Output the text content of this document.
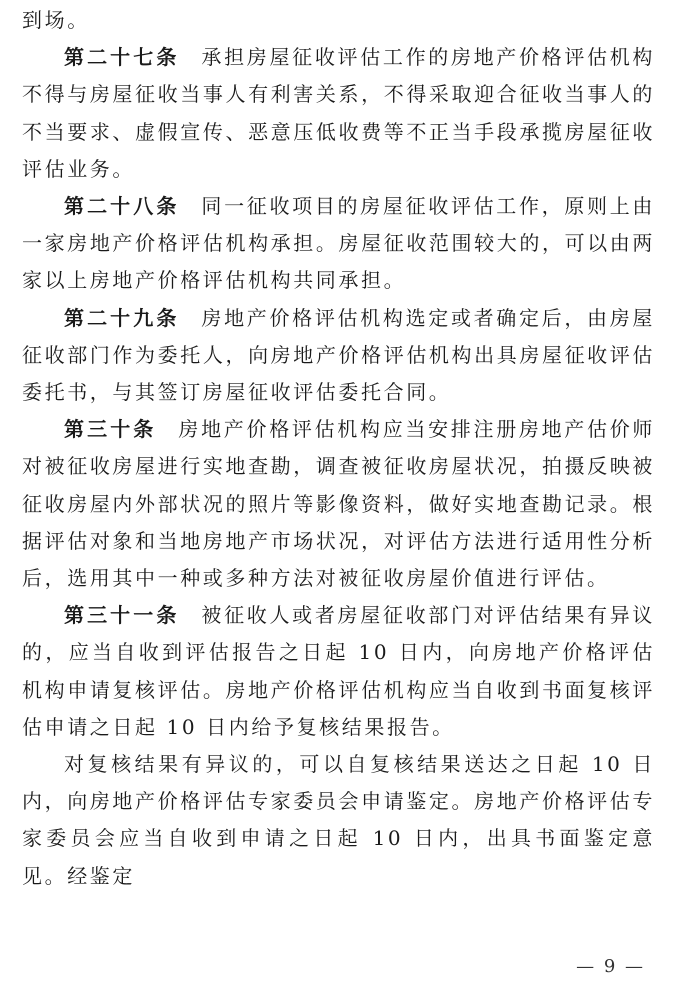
到场。

第二十七条 承担房屋征收评估工作的房地产价格评估机构不得与房屋征收当事人有利害关系，不得采取迎合征收当事人的不当要求、虚假宣传、恶意压低收费等不正当手段承揽房屋征收评估业务。

第二十八条 同一征收项目的房屋征收评估工作，原则上由一家房地产价格评估机构承担。房屋征收范围较大的，可以由两家以上房地产价格评估机构共同承担。

第二十九条 房地产价格评估机构选定或者确定后，由房屋征收部门作为委托人，向房地产价格评估机构出具房屋征收评估委托书，与其签订房屋征收评估委托合同。

第三十条 房地产价格评估机构应当安排注册房地产估价师对被征收房屋进行实地查勘，调查被征收房屋状况，拍摄反映被征收房屋内外部状况的照片等影像资料，做好实地查勘记录。根据评估对象和当地房地产市场状况，对评估方法进行适用性分析后，选用其中一种或多种方法对被征收房屋价值进行评估。

第三十一条 被征收人或者房屋征收部门对评估结果有异议的，应当自收到评估报告之日起 10 日内，向房地产价格评估机构申请复核评估。房地产价格评估机构应当自收到书面复核评估申请之日起 10 日内给予复核结果报告。

对复核结果有异议的，可以自复核结果送达之日起 10 日内，向房地产价格评估专家委员会申请鉴定。房地产价格评估专家委员会应当自收到申请之日起 10 日内，出具书面鉴定意见。经鉴定

— 9 —
